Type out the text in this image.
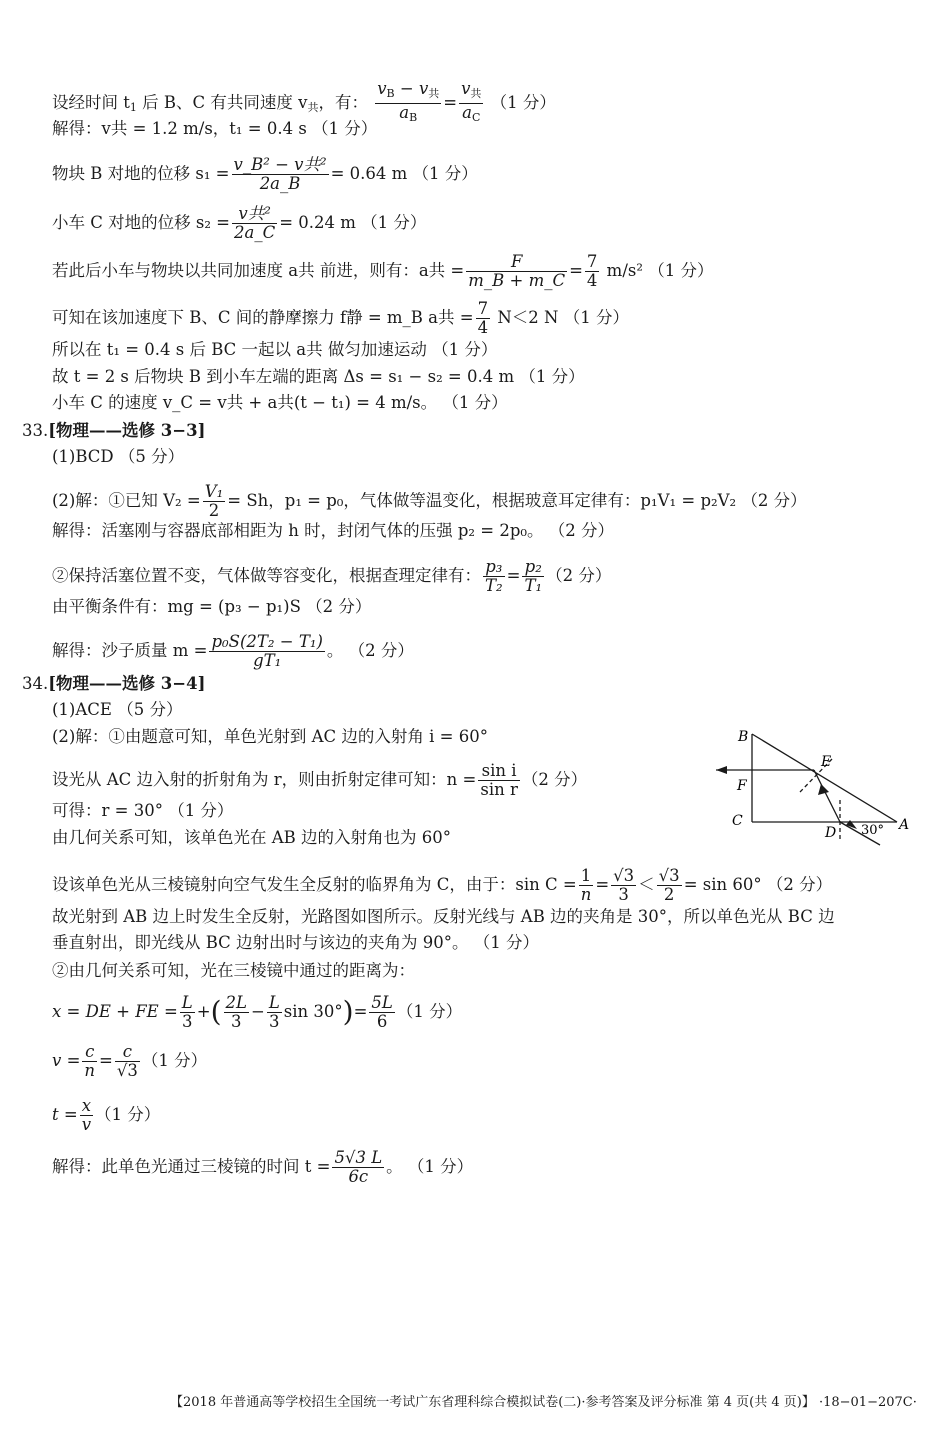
设经时间 $t_1$ 后 B、C 有共同速度 $v_共$，有： $\frac{v_B - v_共}{a_B} = \frac{v_共}{a_C} (1$ 分）
解得：v共 = 1.2 m/s，t₁ = 0.4 s （1 分）
物块 B 对地的位移 $s_1 = \frac{\text{v\_B² − v共²}}{2a\_B} = 0.64$ m （1 分）
小车 C 对地的位移 $s_2 = \frac{\text{v共²}}{2a\_C} = 0.24$ m （1 分）
若此后小车与物块以共同加速度 a共 前进，则有：a共 = $\frac{F}{m\_B + m\_C} = \frac{7}{4} m/s^2$ （1 分）
可知在该加速度下 B、C 间的静摩擦力 f静 = m_B a共 = $\frac{7}{4} N<2$ N （1 分）
所以在 t₁ = 0.4 s 后 BC 一起以 a共 做匀加速运动 （1 分）
故 t = 2 s 后物块 B 到小车左端的距离 Δs = s₁ − s₂ = 0.4 m （1 分）
小车 C 的速度 v_C = v共 + a共(t − t₁) = 4 m/s。 （1 分）
33.[物理——选修 3−3]
(1)BCD （5 分）
(2)解：①已知 $V_2 = \frac{\text{V₁}}{2} = Sh$，p₁ = p₀，气体做等温变化，根据玻意耳定律有：p₁V₁ = p₂V₂ （2 分）
解得：活塞刚与容器底部相距为 h 时，封闭气体的压强 p₂ = 2p₀。 （2 分）
②保持活塞位置不变，气体做等容变化，根据查理定律有： $\frac{\text{p₃}}{\text{T₂}} = \frac{\text{p₂}}{\text{T₁}} (2$ 分）
由平衡条件有：mg = (p₃ − p₁)S （2 分）
解得：沙子质量 $m = \frac{\text{p₀S(2T₂ − T₁)}}{\text{gT₁}}$ 。 （2 分）
34.[物理——选修 3−4]
(1)ACE （5 分）
(2)解：①由题意可知，单色光射到 AC 边的入射角 i = 60°
设光从 AC 边入射的折射角为 r，则由折射定律可知：$n = \frac{\text{sin i}}{\text{sin r}} (2$ 分）
可得：r = 30° （1 分）
由几何关系可知，该单色光在 AB 边的入射角也为 60°
设该单色光从三棱镜射向空气发生全反射的临界角为 C，由于：$\sin C = \frac{1}{n} = \frac{√3}{3} < \frac{√3}{2} = \sin 60^\circ$ （2 分）
故光射到 AB 边上时发生全反射，光路图如图所示。反射光线与 AB 边的夹角是 30°，所以单色光从 BC 边
垂直射出，即光线从 BC 边射出时与该边的夹角为 90°。 （1 分）
②由几何关系可知，光在三棱镜中通过的距离为：
x = DE + FE = $\frac{L}{3}$ +( $\frac{2L}{3} - \frac{L}{3}$ $\sin 30^\circ)= \frac{5L}{6} (1$ 分）
$v = \frac{c}{n} = \frac{c}{√3} (1$ 分）
$t = \frac{x}{v} (1$ 分）
解得：此单色光通过三棱镜的时间 $t = \frac{5√3 L}{6c}$ 。 （1 分）
B
E
F
C
D 30° A
【2018 年普通高等学校招生全国统一考试广东省理科综合模拟试卷(二)·参考答案及评分标准 第 4 页(共 4 页)】 ·18−01−207C·
